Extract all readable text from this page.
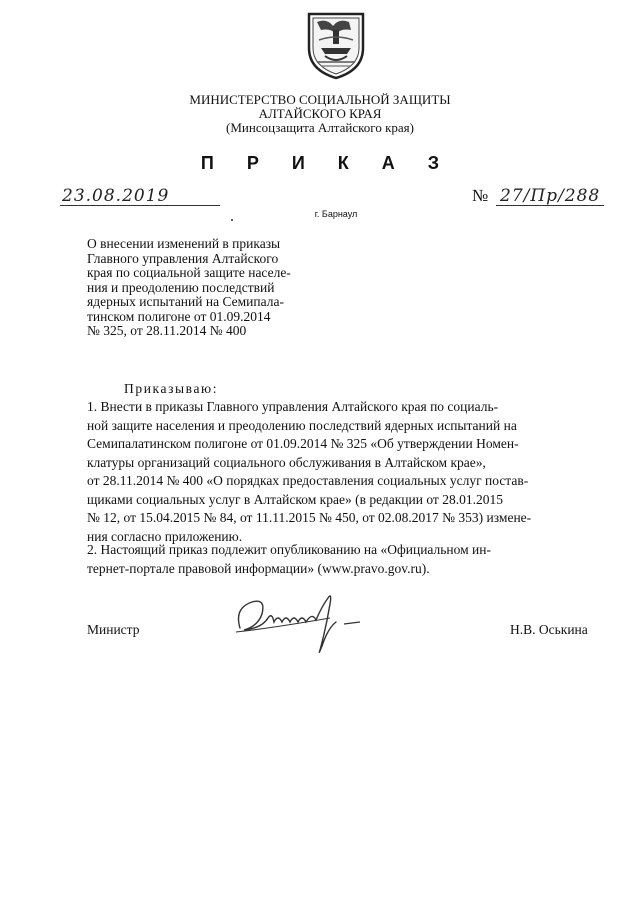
МИНИСТЕРСТВО СОЦИАЛЬНОЙ ЗАЩИТЫ
АЛТАЙСКОГО КРАЯ
(Минсоцзащита Алтайского края)
П Р И К А З
23.08.2019	№ 27/Пр/288
г. Барнаул
О внесении изменений в приказы
Главного управления Алтайского
края по социальной защите населе-
ния и преодолению последствий
ядерных испытаний на Семипала-
тинском полигоне от 01.09.2014
№ 325, от 28.11.2014 № 400
Приказываю:
1. Внести в приказы Главного управления Алтайского края по социаль-
ной защите населения и преодолению последствий ядерных испытаний на
Семипалатинском полигоне от 01.09.2014 № 325 «Об утверждении Номен-
клатуры организаций социального обслуживания в Алтайском крае»,
от 28.11.2014 № 400 «О порядках предоставления социальных услуг постав-
щиками социальных услуг в Алтайском крае» (в редакции от 28.01.2015
№ 12, от 15.04.2015 № 84, от 11.11.2015 № 450, от 02.08.2017 № 353) измене-
ния согласно приложению.
2. Настоящий приказ подлежит опубликованию на «Официальном ин-
тернет-портале правовой информации» (www.pravo.gov.ru).
Министр	Н.В. Оськина
